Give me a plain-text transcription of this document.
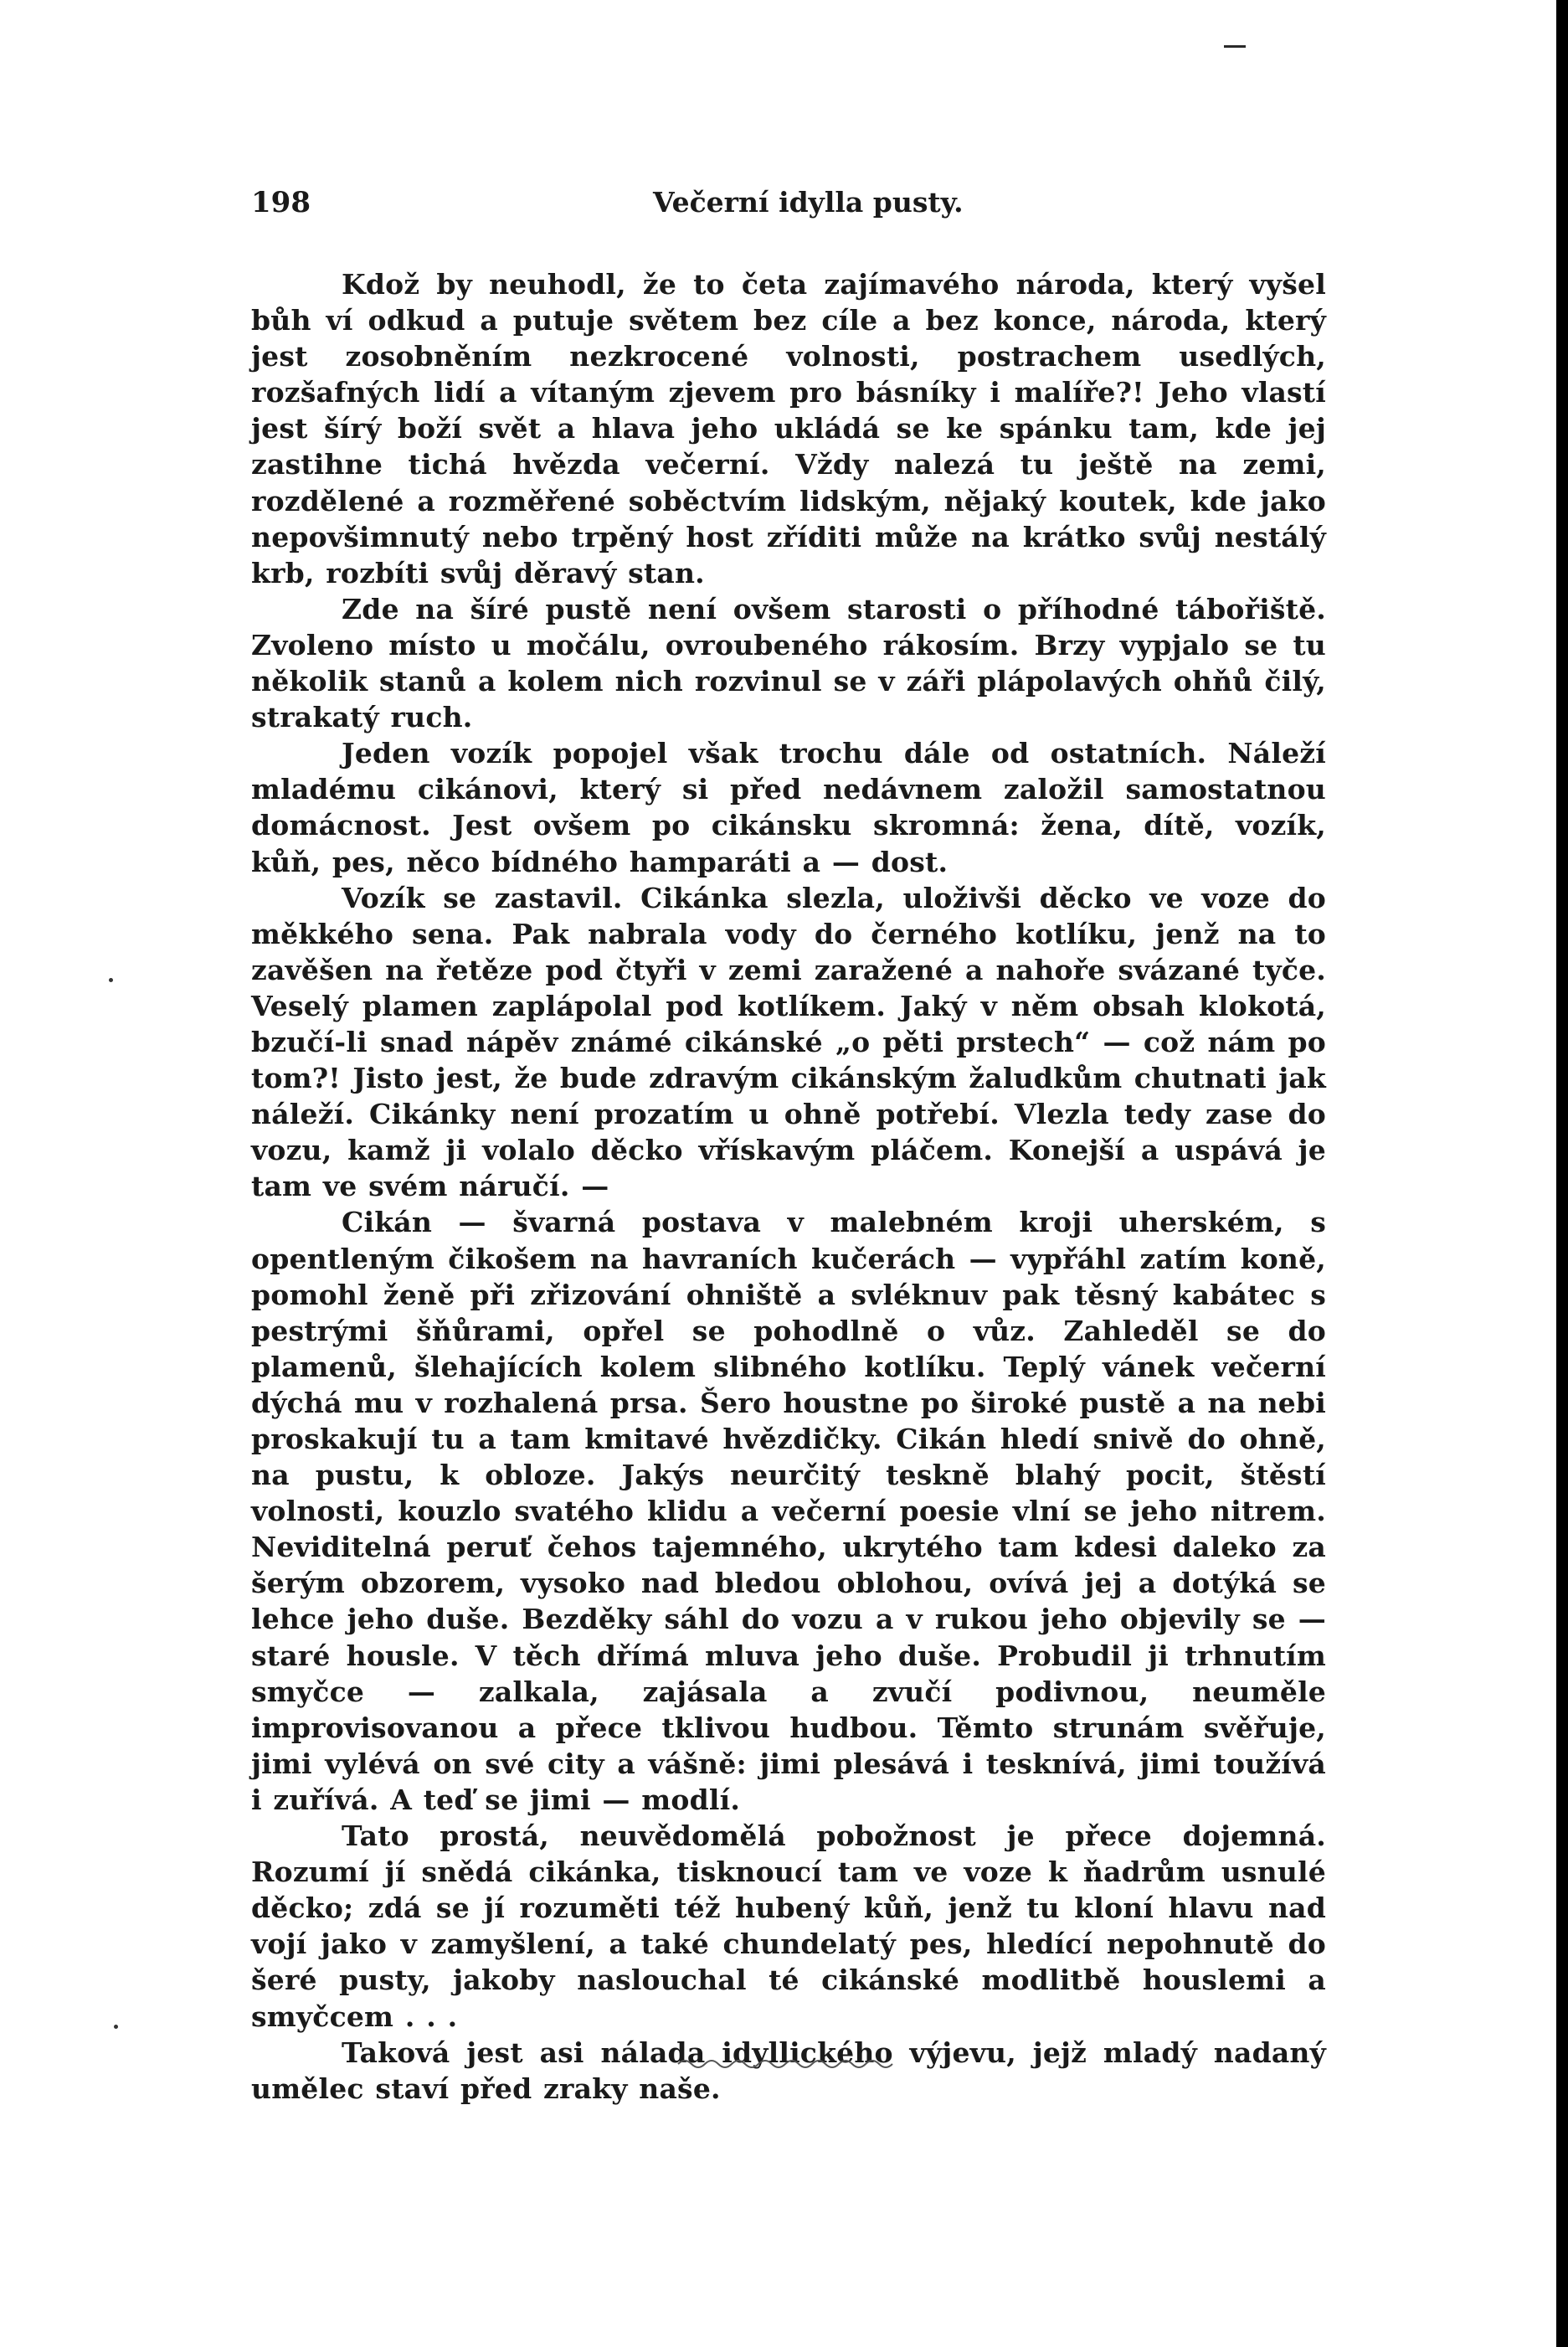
198	Večerní idylla pusty.

Kdož by neuhodl, že to četa zajímavého národa, který vyšel bůh ví odkud a putuje světem bez cíle a bez konce, národa, který jest zosobněním nezkrocené volnosti, postrachem usedlých, rozšafných lidí a vítaným zjevem pro básníky i malíře?! Jeho vlastí jest šírý boží svět a hlava jeho ukládá se ke spánku tam, kde jej zastihne tichá hvězda večerní. Vždy nalezá tu ještě na zemi, rozdělené a rozměřené soběctvím lidským, nějaký koutek, kde jako nepovšimnutý nebo trpěný host zříditi může na krátko svůj nestálý krb, rozbíti svůj děravý stan.

Zde na šíré pustě není ovšem starosti o příhodné tábořiště. Zvoleno místo u močálu, ovroubeného rákosím. Brzy vypjalo se tu několik stanů a kolem nich rozvinul se v záři plápolavých ohňů čilý, strakatý ruch.

Jeden vozík popojel však trochu dále od ostatních. Náleží mladému cikánovi, který si před nedávnem založil samostatnou domácnost. Jest ovšem po cikánsku skromná: žena, dítě, vozík, kůň, pes, něco bídného hamparáti a — dost.

Vozík se zastavil. Cikánka slezla, uloživši děcko ve voze do měkkého sena. Pak nabrala vody do černého kotlíku, jenž na to zavěšen na řetěze pod čtyři v zemi zaražené a nahoře svázané tyče. Veselý plamen zaplápolal pod kotlíkem. Jaký v něm obsah klokotá, bzučí-li snad nápěv známé cikánské „o pěti prstech“ — což nám po tom?! Jisto jest, že bude zdravým cikánským žaludkům chutnati jak náleží. Cikánky není prozatím u ohně potřebí. Vlezla tedy zase do vozu, kamž ji volalo děcko vřískavým pláčem. Konejší a uspává je tam ve svém náručí. —

Cikán — švarná postava v malebném kroji uherském, s opentleným čikošem na havraních kučerách — vypřáhl zatím koně, pomohl ženě při zřizování ohniště a svléknuv pak těsný kabátec s pestrými šňůrami, opřel se pohodlně o vůz. Zahleděl se do plamenů, šlehajících kolem slibného kotlíku. Teplý vánek večerní dýchá mu v rozhalená prsa. Šero houstne po široké pustě a na nebi proskakují tu a tam kmitavé hvězdičky. Cikán hledí snivě do ohně, na pustu, k obloze. Jakýs neurčitý teskně blahý pocit, štěstí volnosti, kouzlo svatého klidu a večerní poesie vlní se jeho nitrem. Neviditelná peruť čehos tajemného, ukrytého tam kdesi daleko za šerým obzorem, vysoko nad bledou oblohou, ovívá jej a dotýká se lehce jeho duše. Bezděky sáhl do vozu a v rukou jeho objevily se — staré housle. V těch dřímá mluva jeho duše. Probudil ji trhnutím smyčce — zalkala, zajásala a zvučí podivnou, neuměle improvisovanou a přece tklivou hudbou. Těmto strunám svěřuje, jimi vylévá on své city a vášně: jimi plesává i tesknívá, jimi toužívá i zuřívá. A teď se jimi — modlí.

Tato prostá, neuvědomělá pobožnost je přece dojemná. Rozumí jí snědá cikánka, tisknoucí tam ve voze k ňadrům usnulé děcko; zdá se jí rozuměti též hubený kůň, jenž tu kloní hlavu nad vojí jako v zamyšlení, a také chundelatý pes, hledící nepohnutě do šeré pusty, jakoby naslouchal té cikánské modlitbě houslemi a smyčcem . . .

Taková jest asi nálada idyllického výjevu, jejž mladý nadaný umělec staví před zraky naše.
